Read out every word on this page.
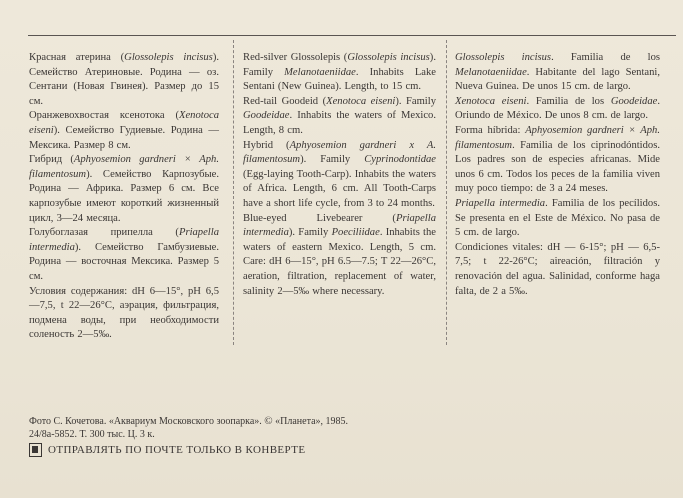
Красная атерина (Glossolepis incisus). Семейство Атериновые. Родина — оз. Сентани (Новая Гвинея). Размер до 15 см.

Оранжевохвостая ксенотока (Xenotoca eiseni). Семейство Гудиевые. Родина — Мексика. Размер 8 см.

Гибрид (Aphyosemion gardneri × Aph. filamentosum). Семейство Карпозубые. Родина — Африка. Размер 6 см. Все карпозубые имеют короткий жизненный цикл, 3—24 месяца.

Голубоглазая припелла (Priapella intermedia). Семейство Гамбузиевые. Родина — восточная Мексика. Размер 5 см.

Условия содержания: dH 6—15°, pH 6,5—7,5, t 22—26°C, аэрация, фильтрация, подмена воды, при необходимости соленость 2—5‰.

Red-silver Glossolepis (Glossolepis incisus). Family Melanotaeniidae. Inhabits Lake Sentani (New Guinea). Length, to 15 cm.

Red-tail Goodeid (Xenotoca eiseni). Family Goodeidae. Inhabits the waters of Mexico. Length, 8 cm.

Hybrid (Aphyosemion gardneri x A. filamentosum). Family Cyprinodontidae (Egg-laying Tooth-Carp). Inhabits the waters of Africa. Length, 6 cm. All Tooth-Carps have a short life cycle, from 3 to 24 months.

Blue-eyed Livebearer (Priapella intermedia). Family Poeciliidae. Inhabits the waters of eastern Mexico. Length, 5 cm. Care: dH 6—15°, pH 6.5—7.5; T 22—26°C, aeration, filtration, replacement of water, salinity 2—5‰ where necessary.

Glossolepis incisus. Familia de los Melanotaeniidae. Habitante del lago Sentani, Nueva Guinea. De unos 15 cm. de largo.

Xenotoca eiseni. Familia de los Goodeidae. Oriundo de México. De unos 8 cm. de largo.

Forma híbrida: Aphyosemion gardneri × Aph. filamentosum. Familia de los ciprinodóntidos. Los padres son de especies africanas. Mide unos 6 cm. Todos los peces de la familia viven muy poco tiempo: de 3 a 24 meses.

Priapella intermedia. Familia de los pecílidos. Se presenta en el Este de México. No pasa de 5 cm. de largo.

Condiciones vitales: dH — 6-15°; pH — 6,5-7,5; t 22-26°C; aireación, filtración y renovación del agua. Salinidad, conforme haga falta, de 2 a 5‰.

Фото С. Кочетова. «Аквариум Московского зоопарка». © «Планета», 1985.

24/8а-5852. Т. 300 тыс. Ц. 3 к.

ОТПРАВЛЯТЬ ПО ПОЧТЕ ТОЛЬКО В КОНВЕРТЕ
